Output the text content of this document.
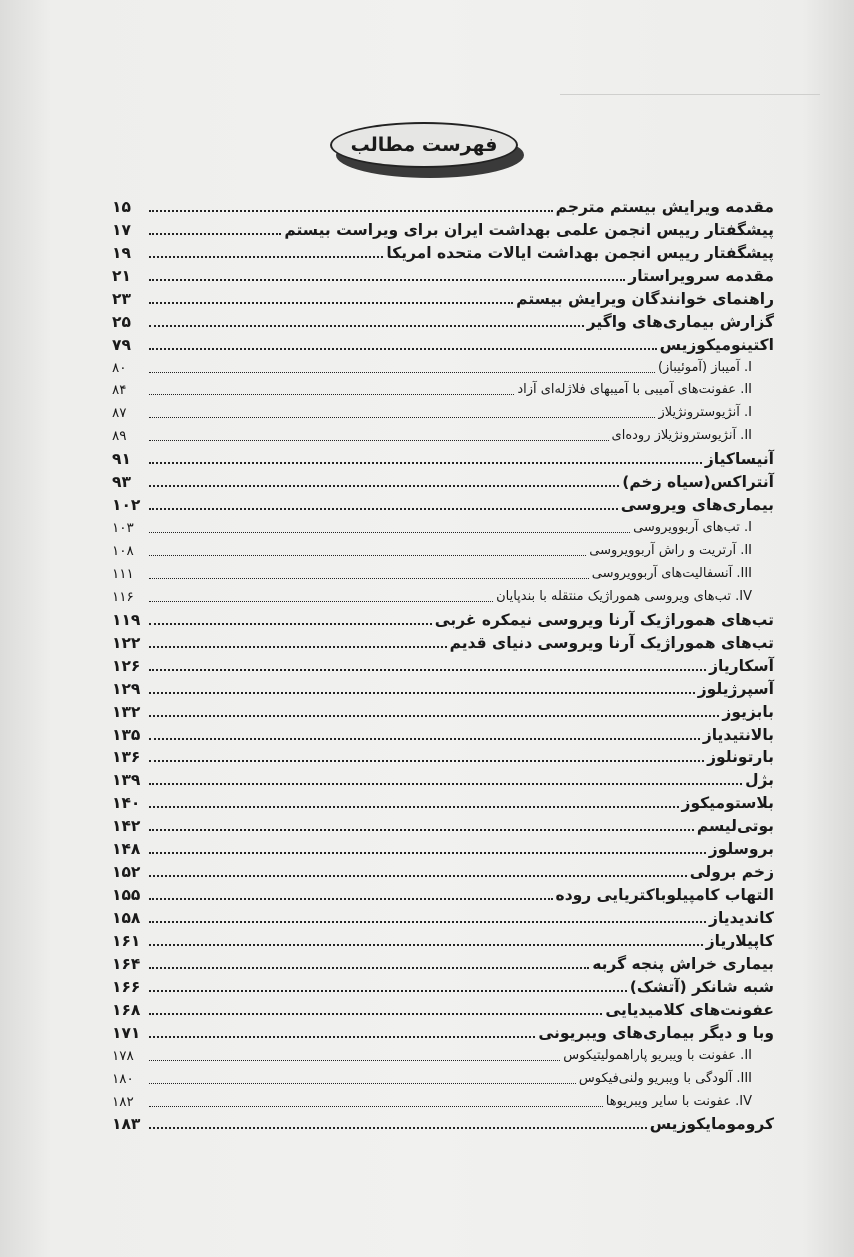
فهرست مطالب
مقدمه ویرایش بیستم مترجم
۱۵
پیشگفتار رییس انجمن علمی بهداشت ایران برای ویراست بیستم
۱۷
پیشگفتار رییس انجمن بهداشت ایالات متحده امریکا
۱۹
مقدمه سرویراستار
۲۱
راهنمای خوانندگان ویرایش بیستم
۲۳
گزارش بیماری‌های واگیر
۲۵
اکتینومیکوزیس
۷۹
I. آمیباز (آموئیباز)
۸۰
II. عفونت‌های آمیبی با آمیبهای فلاژله‌ای آزاد
۸۴
I. آنژیوسترونژیلاز
۸۷
II. آنژیوسترونژیلاز روده‌ای
۸۹
آنیساکیاز
۹۱
آنتراکس(سیاه زخم)
۹۳
بیماری‌های ویروسی
۱۰۲
I. تب‌های آربوویروسی
۱۰۳
II. آرتریت و راش آربوویروسی
۱۰۸
III. آنسفالیت‌های آربوویروسی
۱۱۱
IV. تب‌های ویروسی هموراژیک منتقله با بندپایان
۱۱۶
تب‌های هموراژیک آرنا ویروسی نیمکره غربی
۱۱۹
تب‌های هموراژیک آرنا ویروسی دنیای قدیم
۱۲۲
آسکاریاز
۱۲۶
آسپرژیلوز
۱۲۹
بابزیوز
۱۳۲
بالانتیدیاز
۱۳۵
بارتونلوز
۱۳۶
بژل
۱۳۹
بلاستومیکوز
۱۴۰
بوتی‌لیسم
۱۴۲
بروسلوز
۱۴۸
زخم برولی
۱۵۲
التهاب کامپیلوباکتریایی روده
۱۵۵
کاندیدیاز
۱۵۸
کاپیلاریاز
۱۶۱
بیماری خراش پنجه گربه
۱۶۴
شبه شانکر (آتشک)
۱۶۶
عفونت‌های کلامیدیایی
۱۶۸
وبا و دیگر بیماری‌های ویبریونی
۱۷۱
II. عفونت با ویبریو پاراهمولیتیکوس
۱۷۸
III. آلودگی با ویبریو ولنی‌فیکوس
۱۸۰
IV. عفونت با سایر ویبریوها
۱۸۲
کروموما‌یکوزیس
۱۸۳
